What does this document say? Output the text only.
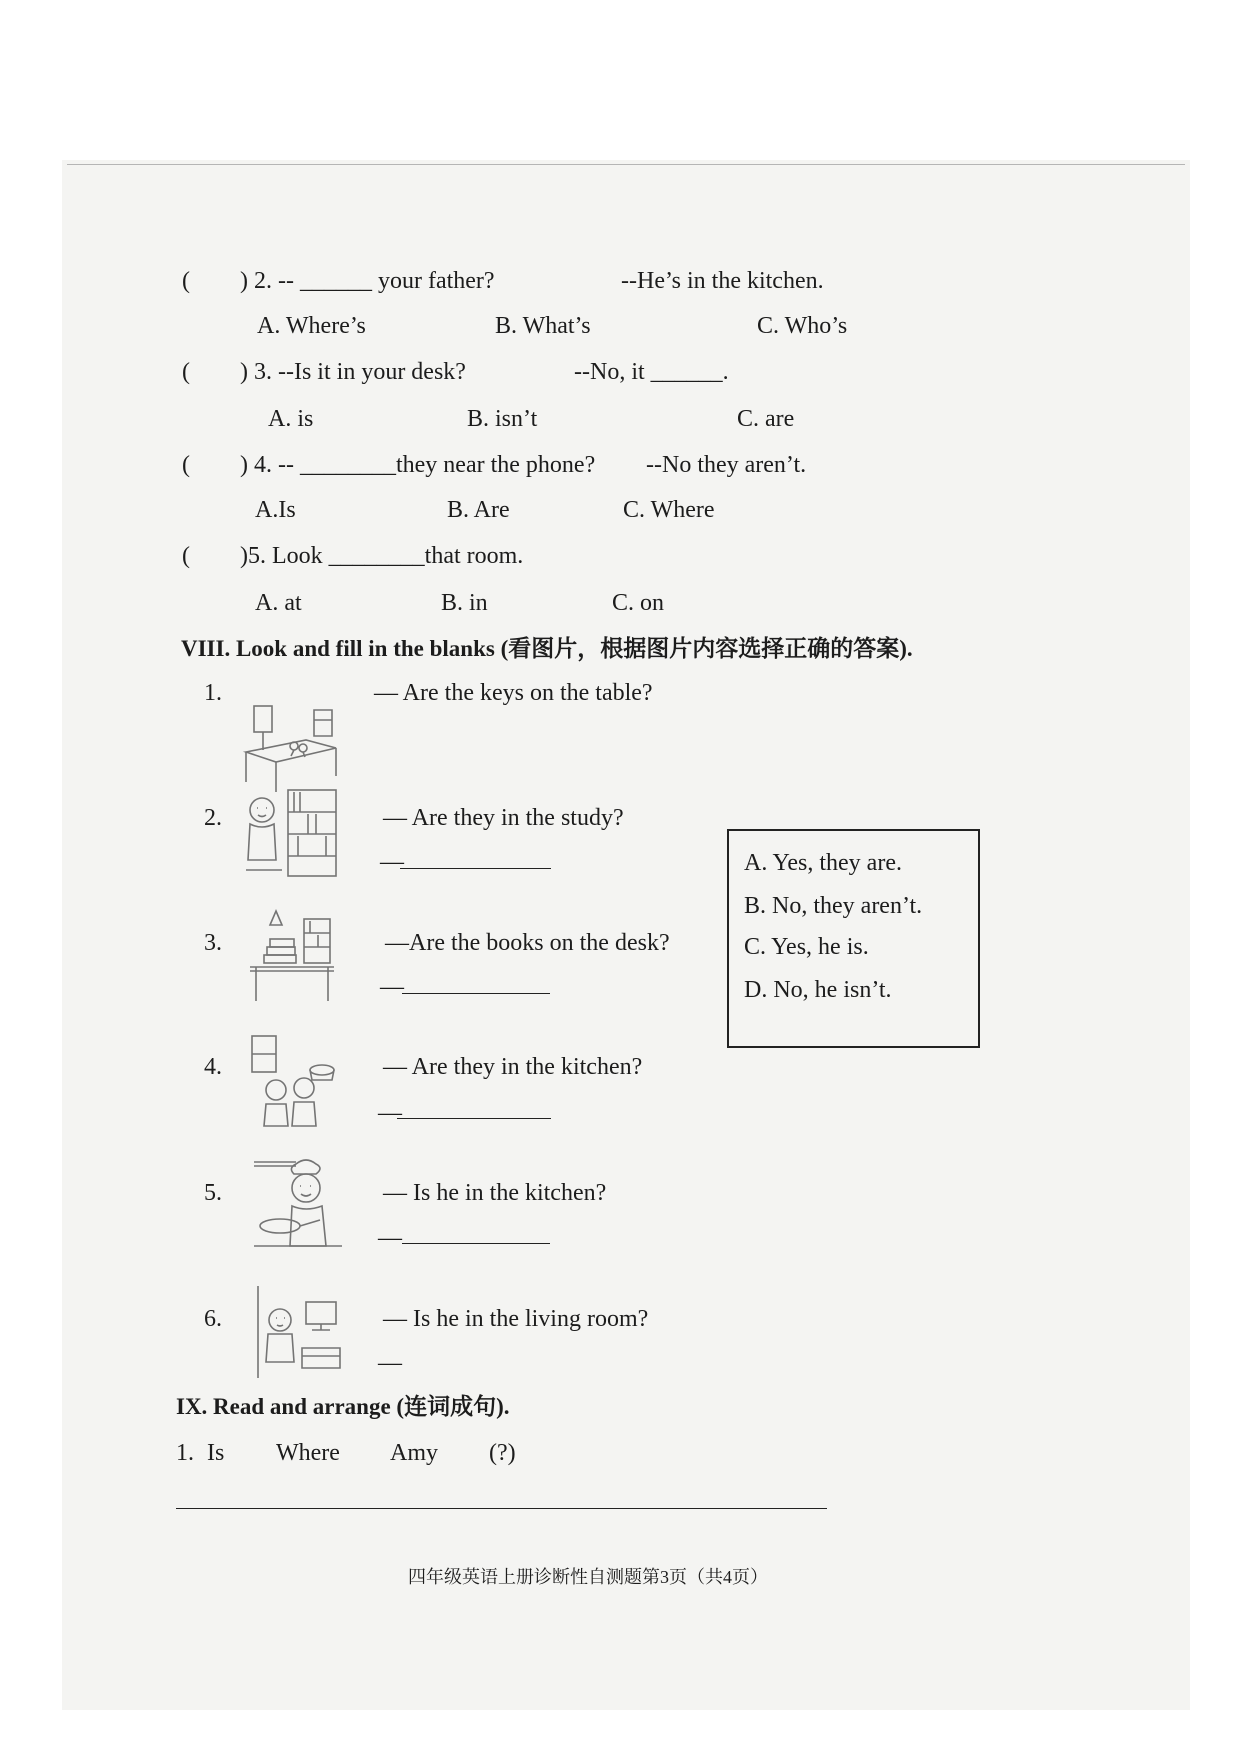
( ) 2. -- ______ your father?	--He’s in the kitchen.
A. Where’s	B. What’s	C. Who’s
( ) 3. --Is it in your desk?	--No, it ______.
A. is	B. isn’t	C. are
( ) 4. -- ________they near the phone? --No they aren’t.
A.Is	B. Are	C. Where
( )5. Look ________that room.
A. at	B. in	C. on
VIII. Look and fill in the blanks (看图片，根据图片内容选择正确的答案).
1.	— Are the keys on the table?
2.	— Are they in the study?
—
3.	—Are the books on the desk?
—
4.	— Are they in the kitchen?
—
5.	— Is he in the kitchen?
—
6.	— Is he in the living room?
—
A. Yes, they are.
B. No, they aren’t.
C. Yes, he is.
D. No, he isn’t.
IX. Read and arrange (连词成句).
1. Is Where Amy (?)
四年级英语上册诊断性自测题第3页（共4页）
